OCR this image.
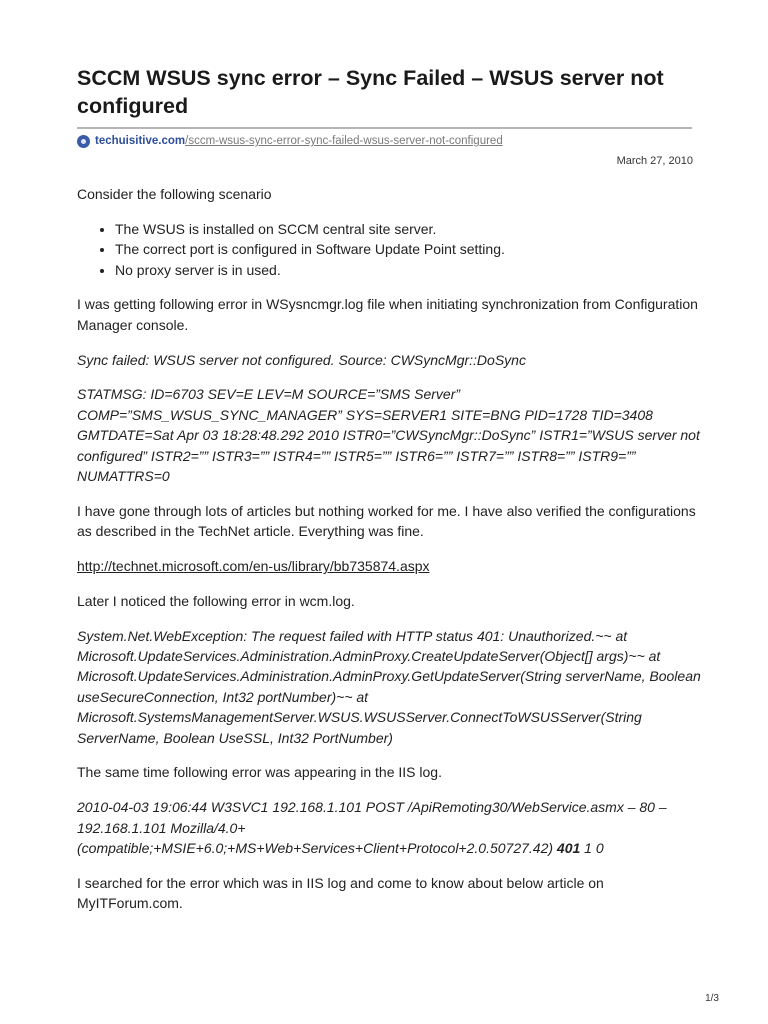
SCCM WSUS sync error – Sync Failed – WSUS server not configured
techuisitive.com /sccm-wsus-sync-error-sync-failed-wsus-server-not-configured
March 27, 2010

Consider the following scenario

• The WSUS is installed on SCCM central site server.
• The correct port is configured in Software Update Point setting.
• No proxy server is in used.

I was getting following error in WSysncmgr.log file when initiating synchronization from Configuration Manager console.

Sync failed: WSUS server not configured. Source: CWSyncMgr::DoSync

STATMSG: ID=6703 SEV=E LEV=M SOURCE=”SMS Server” COMP=”SMS_WSUS_SYNC_MANAGER” SYS=SERVER1 SITE=BNG PID=1728 TID=3408 GMTDATE=Sat Apr 03 18:28:48.292 2010 ISTR0=”CWSyncMgr::DoSync” ISTR1=”WSUS server not configured” ISTR2=”” ISTR3=”” ISTR4=”” ISTR5=”” ISTR6=”” ISTR7=”” ISTR8=”” ISTR9=”” NUMATTRS=0

I have gone through lots of articles but nothing worked for me. I have also verified the configurations as described in the TechNet article. Everything was fine.

http://technet.microsoft.com/en-us/library/bb735874.aspx

Later I noticed the following error in wcm.log.

System.Net.WebException: The request failed with HTTP status 401: Unauthorized.~~ at Microsoft.UpdateServices.Administration.AdminProxy.CreateUpdateServer(Object[] args)~~ at Microsoft.UpdateServices.Administration.AdminProxy.GetUpdateServer(String serverName, Boolean useSecureConnection, Int32 portNumber)~~ at Microsoft.SystemsManagementServer.WSUS.WSUSServer.ConnectToWSUSServer(String ServerName, Boolean UseSSL, Int32 PortNumber)

The same time following error was appearing in the IIS log.

2010-04-03 19:06:44 W3SVC1 192.168.1.101 POST /ApiRemoting30/WebService.asmx – 80 – 192.168.1.101 Mozilla/4.0+ (compatible;+MSIE+6.0;+MS+Web+Services+Client+Protocol+2.0.50727.42) 401 1 0

I searched for the error which was in IIS log and come to know about below article on MyITForum.com.

1/3
